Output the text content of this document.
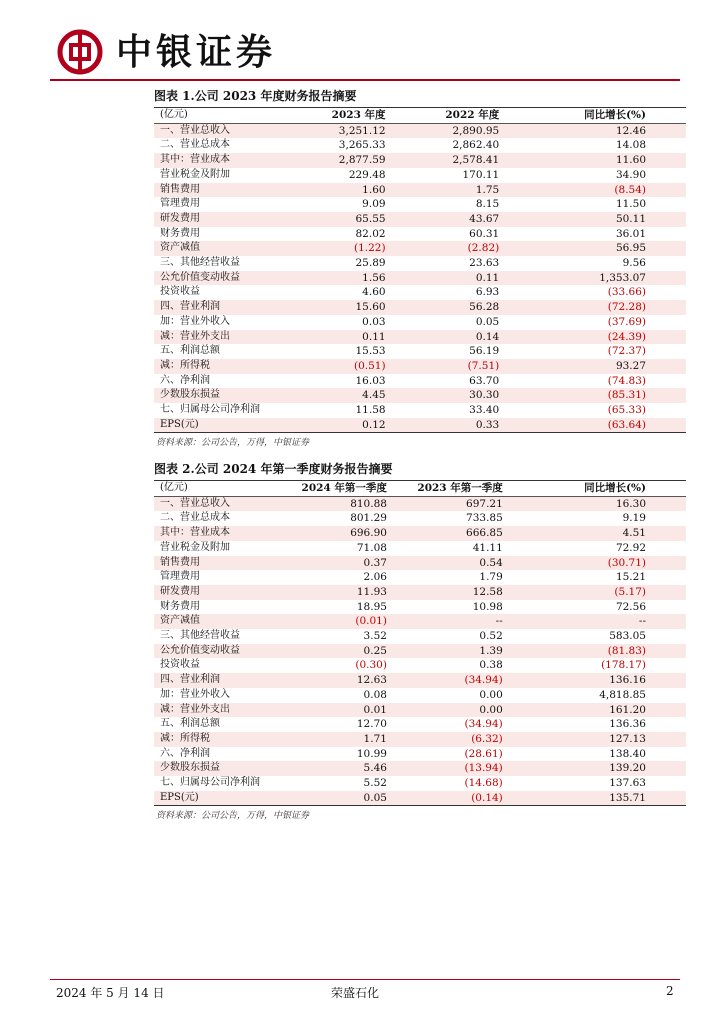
中银证券
图表 1.公司 2023 年度财务报告摘要
(亿元)	2023 年度	2022 年度	同比增长(%)
一、营业总收入	3,251.12	2,890.95	12.46
二、营业总成本	3,265.33	2,862.40	14.08
其中：营业成本	2,877.59	2,578.41	11.60
营业税金及附加	229.48	170.11	34.90
销售费用	1.60	1.75	(8.54)
管理费用	9.09	8.15	11.50
研发费用	65.55	43.67	50.11
财务费用	82.02	60.31	36.01
资产减值	(1.22)	(2.82)	56.95
三、其他经营收益	25.89	23.63	9.56
公允价值变动收益	1.56	0.11	1,353.07
投资收益	4.60	6.93	(33.66)
四、营业利润	15.60	56.28	(72.28)
加：营业外收入	0.03	0.05	(37.69)
减：营业外支出	0.11	0.14	(24.39)
五、利润总额	15.53	56.19	(72.37)
减：所得税	(0.51)	(7.51)	93.27
六、净利润	16.03	63.70	(74.83)
少数股东损益	4.45	30.30	(85.31)
七、归属母公司净利润	11.58	33.40	(65.33)
EPS(元)	0.12	0.33	(63.64)
资料来源：公司公告，万得，中银证券
图表 2.公司 2024 年第一季度财务报告摘要
(亿元)	2024 年第一季度	2023 年第一季度	同比增长(%)
一、营业总收入	810.88	697.21	16.30
二、营业总成本	801.29	733.85	9.19
其中：营业成本	696.90	666.85	4.51
营业税金及附加	71.08	41.11	72.92
销售费用	0.37	0.54	(30.71)
管理费用	2.06	1.79	15.21
研发费用	11.93	12.58	(5.17)
财务费用	18.95	10.98	72.56
资产减值	(0.01)	--	--
三、其他经营收益	3.52	0.52	583.05
公允价值变动收益	0.25	1.39	(81.83)
投资收益	(0.30)	0.38	(178.17)
四、营业利润	12.63	(34.94)	136.16
加：营业外收入	0.08	0.00	4,818.85
减：营业外支出	0.01	0.00	161.20
五、利润总额	12.70	(34.94)	136.36
减：所得税	1.71	(6.32)	127.13
六、净利润	10.99	(28.61)	138.40
少数股东损益	5.46	(13.94)	139.20
七、归属母公司净利润	5.52	(14.68)	137.63
EPS(元)	0.05	(0.14)	135.71
资料来源：公司公告，万得，中银证券
2024 年 5 月 14 日	荣盛石化	2
